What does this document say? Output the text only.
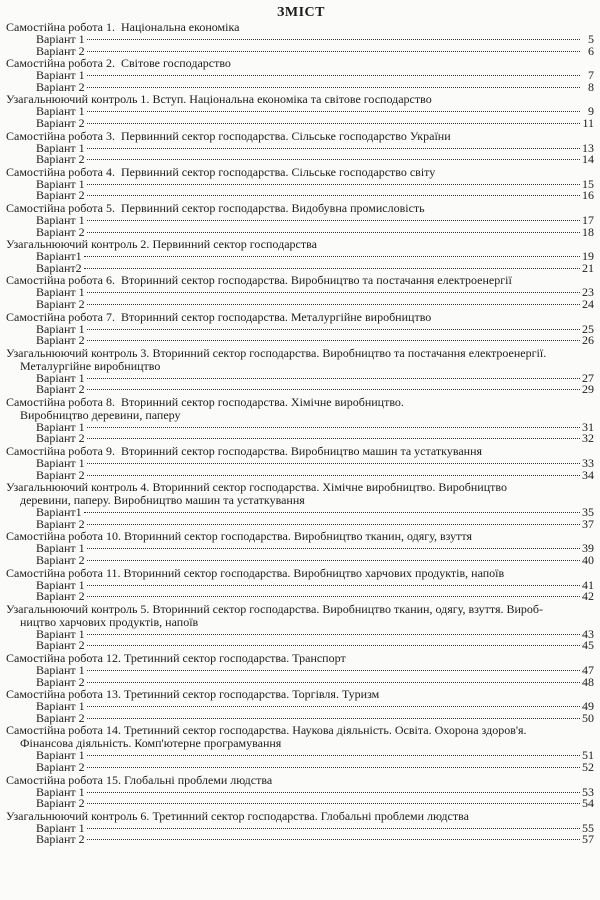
ЗМІСТ
Самостійна робота 1. Національна економіка
Варіант 1	5
Варіант 2	6
Самостійна робота 2. Світове господарство
Варіант 1	7
Варіант 2	8
Узагальнюючий контроль 1. Вступ. Національна економіка та світове господарство
Варіант 1	9
Варіант 2	11
Самостійна робота 3. Первинний сектор господарства. Сільське господарство України
Варіант 1	13
Варіант 2	14
Самостійна робота 4. Первинний сектор господарства. Сільське господарство світу
Варіант 1	15
Варіант 2	16
Самостійна робота 5. Первинний сектор господарства. Видобувна промисловість
Варіант 1	17
Варіант 2	18
Узагальнюючий контроль 2. Первинний сектор господарства
Варіант1	19
Варіант2	21
Самостійна робота 6. Вторинний сектор господарства. Виробництво та постачання електроенергії
Варіант 1	23
Варіант 2	24
Самостійна робота 7. Вторинний сектор господарства. Металургійне виробництво
Варіант 1	25
Варіант 2	26
Узагальнюючий контроль 3. Вторинний сектор господарства. Виробництво та постачання електроенергії.
Металургійне виробництво
Варіант 1	27
Варіант 2	29
Самостійна робота 8. Вторинний сектор господарства. Хімічне виробництво.
Виробництво деревини, паперу
Варіант 1	31
Варіант 2	32
Самостійна робота 9. Вторинний сектор господарства. Виробництво машин та устаткування
Варіант 1	33
Варіант 2	34
Узагальнюючий контроль 4. Вторинний сектор господарства. Хімічне виробництво. Виробництво
деревини, паперу. Виробництво машин та устаткування
Варіант1	35
Варіант 2	37
Самостійна робота 10. Вторинний сектор господарства. Виробництво тканин, одягу, взуття
Варіант 1	39
Варіант 2	40
Самостійна робота 11. Вторинний сектор господарства. Виробництво харчових продуктів, напоїв
Варіант 1	41
Варіант 2	42
Узагальнюючий контроль 5. Вторинний сектор господарства. Виробництво тканин, одягу, взуття. Вироб-
ництво харчових продуктів, напоїв
Варіант 1	43
Варіант 2	45
Самостійна робота 12. Третинний сектор господарства. Транспорт
Варіант 1	47
Варіант 2	48
Самостійна робота 13. Третинний сектор господарства. Торгівля. Туризм
Варіант 1	49
Варіант 2	50
Самостійна робота 14. Третинний сектор господарства. Наукова діяльність. Освіта. Охорона здоров'я.
Фінансова діяльність. Комп'ютерне програмування
Варіант 1	51
Варіант 2	52
Самостійна робота 15. Глобальні проблеми людства
Варіант 1	53
Варіант 2	54
Узагальнюючий контроль 6. Третинний сектор господарства. Глобальні проблеми людства
Варіант 1	55
Варіант 2	57
